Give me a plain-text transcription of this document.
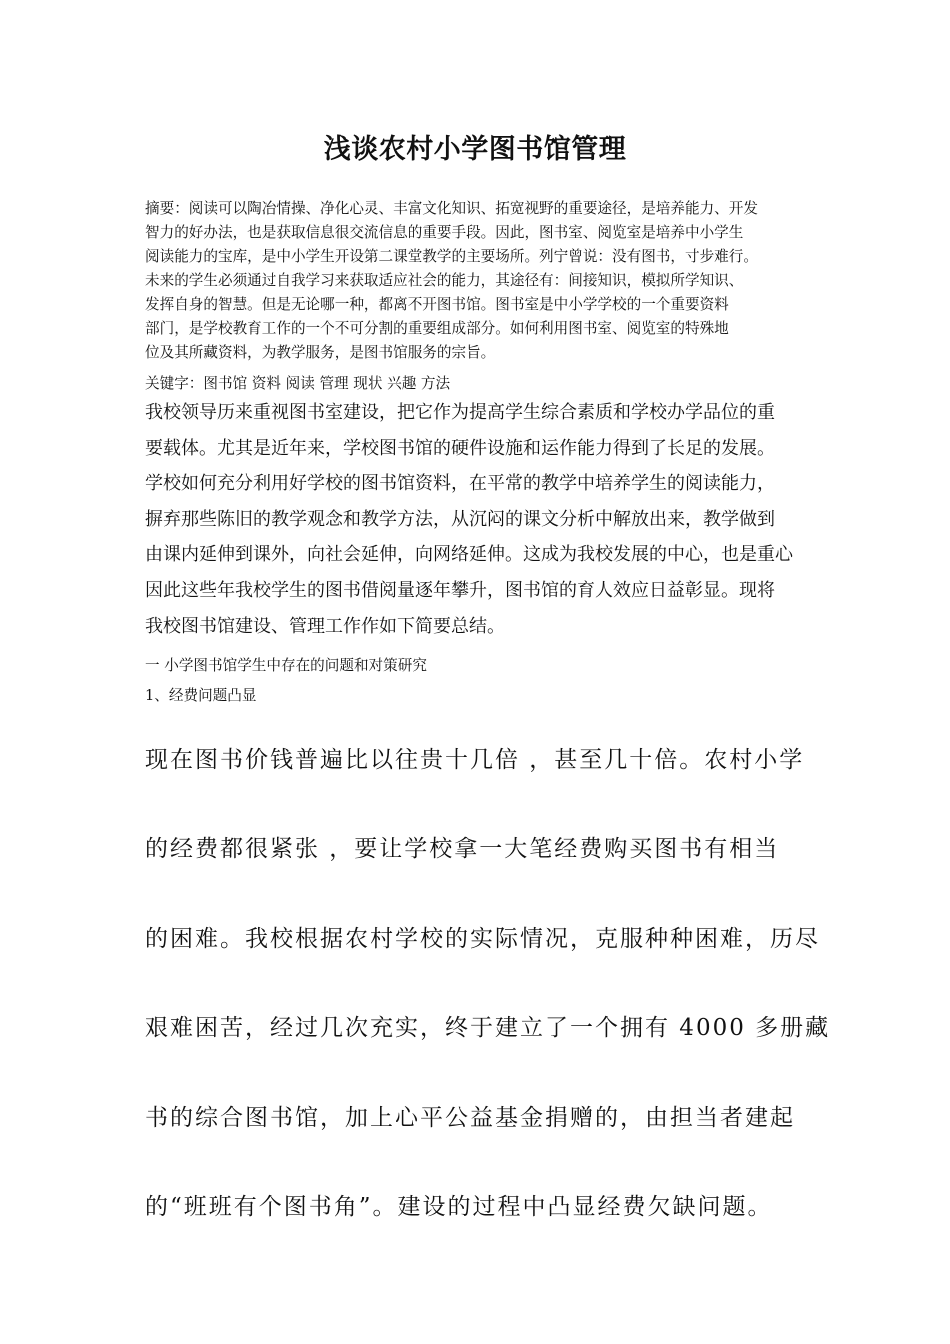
浅谈农村小学图书馆管理
摘要：阅读可以陶冶情操、净化心灵、丰富文化知识、拓宽视野的重要途径，是培养能力、开发
智力的好办法，也是获取信息很交流信息的重要手段。因此，图书室、阅览室是培养中小学生
阅读能力的宝库，是中小学生开设第二课堂教学的主要场所。列宁曾说：没有图书，寸步难行。
未来的学生必须通过自我学习来获取适应社会的能力，其途径有：间接知识，模拟所学知识、
发挥自身的智慧。但是无论哪一种，都离不开图书馆。图书室是中小学学校的一个重要资料
部门，是学校教育工作的一个不可分割的重要组成部分。如何利用图书室、阅览室的特殊地
位及其所藏资料，为教学服务，是图书馆服务的宗旨。
关键字：图书馆 资料 阅读 管理 现状 兴趣 方法
我校领导历来重视图书室建设，把它作为提高学生综合素质和学校办学品位的重
要载体。尤其是近年来，学校图书馆的硬件设施和运作能力得到了长足的发展。
学校如何充分利用好学校的图书馆资料，在平常的教学中培养学生的阅读能力，
摒弃那些陈旧的教学观念和教学方法，从沉闷的课文分析中解放出来，教学做到
由课内延伸到课外，向社会延伸，向网络延伸。这成为我校发展的中心，也是重心
因此这些年我校学生的图书借阅量逐年攀升，图书馆的育人效应日益彰显。现将
我校图书馆建设、管理工作作如下简要总结。
一 小学图书馆学生中存在的问题和对策研究
1、经费问题凸显
现在图书价钱普遍比以往贵十几倍 ，甚至几十倍。农村小学
的经费都很紧张 ，要让学校拿一大笔经费购买图书有相当
的困难。我校根据农村学校的实际情况，克服种种困难，历尽
艰难困苦，经过几次充实，终于建立了一个拥有 4000 多册藏
书的综合图书馆，加上心平公益基金捐赠的，由担当者建起
的“班班有个图书角”。建设的过程中凸显经费欠缺问题。
